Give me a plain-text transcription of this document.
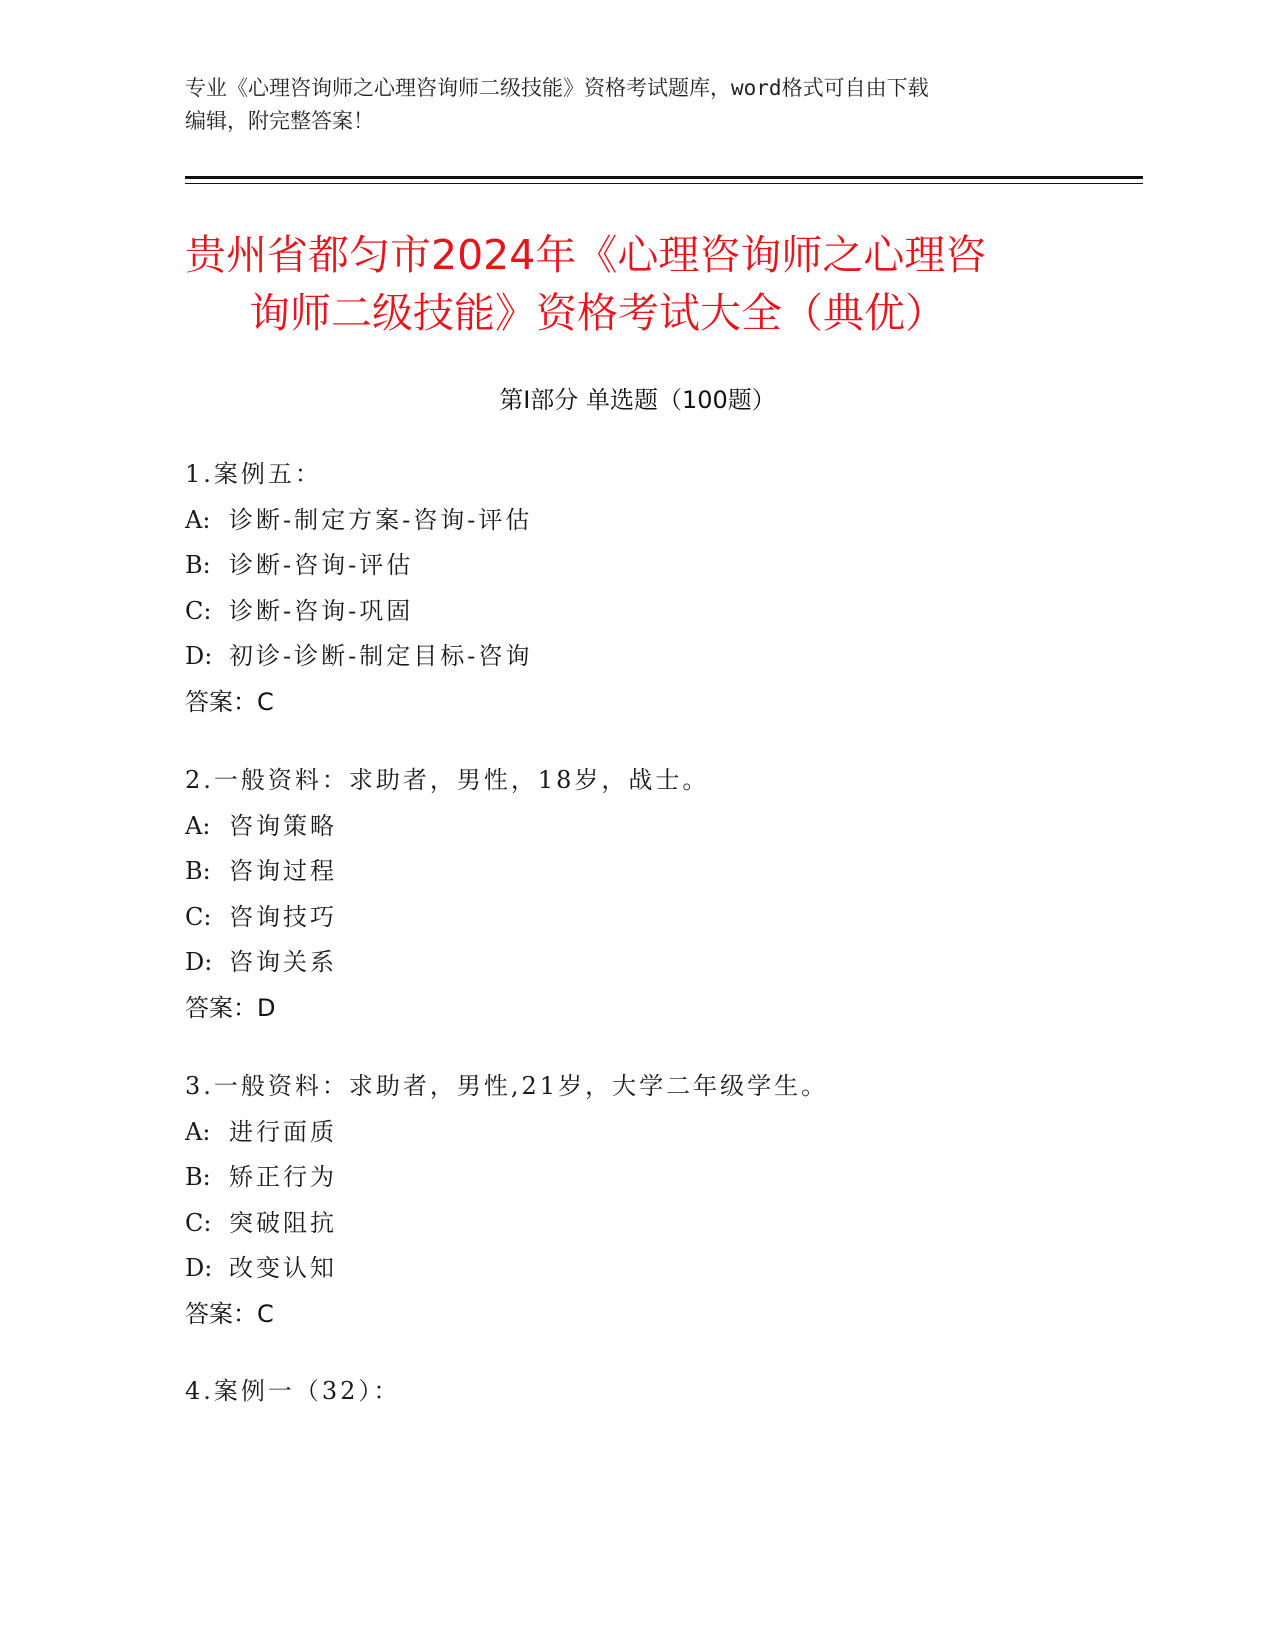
专业《心理咨询师之心理咨询师二级技能》资格考试题库，word格式可自由下载
编辑，附完整答案！
贵州省都匀市2024年《心理咨询师之心理咨
询师二级技能》资格考试大全（典优）
第Ⅰ部分 单选题（100题）
1.案例五：
A: 诊断-制定方案-咨询-评估
B: 诊断-咨询-评估
C: 诊断-咨询-巩固
D: 初诊-诊断-制定目标-咨询
答案：C
2.一般资料：求助者，男性，18岁，战士。
A: 咨询策略
B: 咨询过程
C: 咨询技巧
D: 咨询关系
答案：D
3.一般资料：求助者，男性,21岁，大学二年级学生。
A: 进行面质
B: 矫正行为
C: 突破阻抗
D: 改变认知
答案：C
4.案例一（32）：
